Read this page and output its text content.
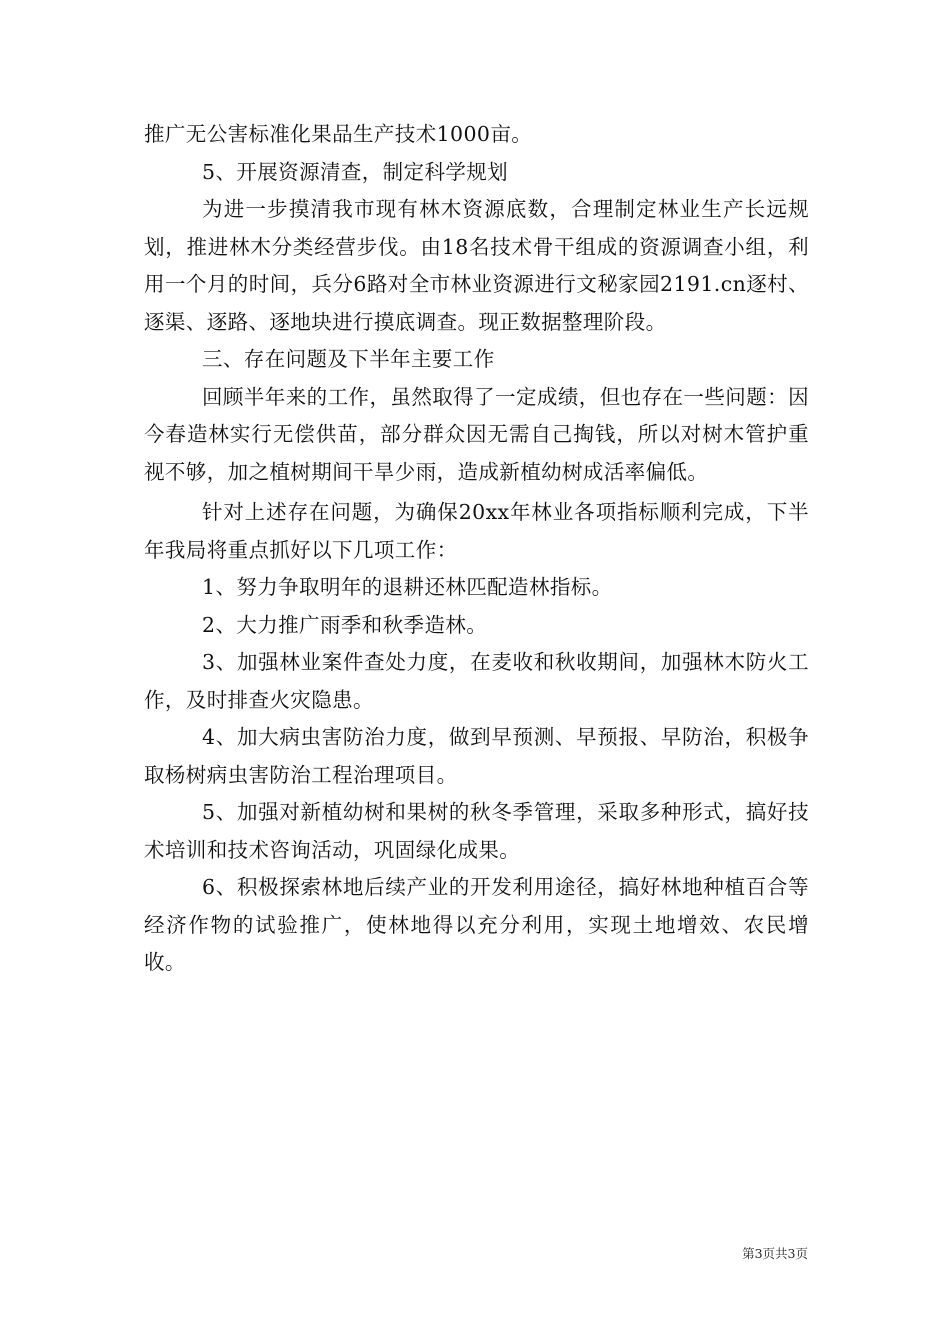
推广无公害标准化果品生产技术1000亩。

5、开展资源清查，制定科学规划

为进一步摸清我市现有林木资源底数，合理制定林业生产长远规划，推进林木分类经营步伐。由18名技术骨干组成的资源调查小组，利用一个月的时间，兵分6路对全市林业资源进行文秘家园2191.cn逐村、逐渠、逐路、逐地块进行摸底调查。现正数据整理阶段。

三、存在问题及下半年主要工作

回顾半年来的工作，虽然取得了一定成绩，但也存在一些问题：因今春造林实行无偿供苗，部分群众因无需自己掏钱，所以对树木管护重视不够，加之植树期间干旱少雨，造成新植幼树成活率偏低。

针对上述存在问题，为确保20xx年林业各项指标顺利完成，下半年我局将重点抓好以下几项工作：

1、努力争取明年的退耕还林匹配造林指标。

2、大力推广雨季和秋季造林。

3、加强林业案件查处力度，在麦收和秋收期间，加强林木防火工作，及时排查火灾隐患。

4、加大病虫害防治力度，做到早预测、早预报、早防治，积极争取杨树病虫害防治工程治理项目。

5、加强对新植幼树和果树的秋冬季管理，采取多种形式，搞好技术培训和技术咨询活动，巩固绿化成果。

6、积极探索林地后续产业的开发利用途径，搞好林地种植百合等经济作物的试验推广，使林地得以充分利用，实现土地增效、农民增收。

第3页共3页
